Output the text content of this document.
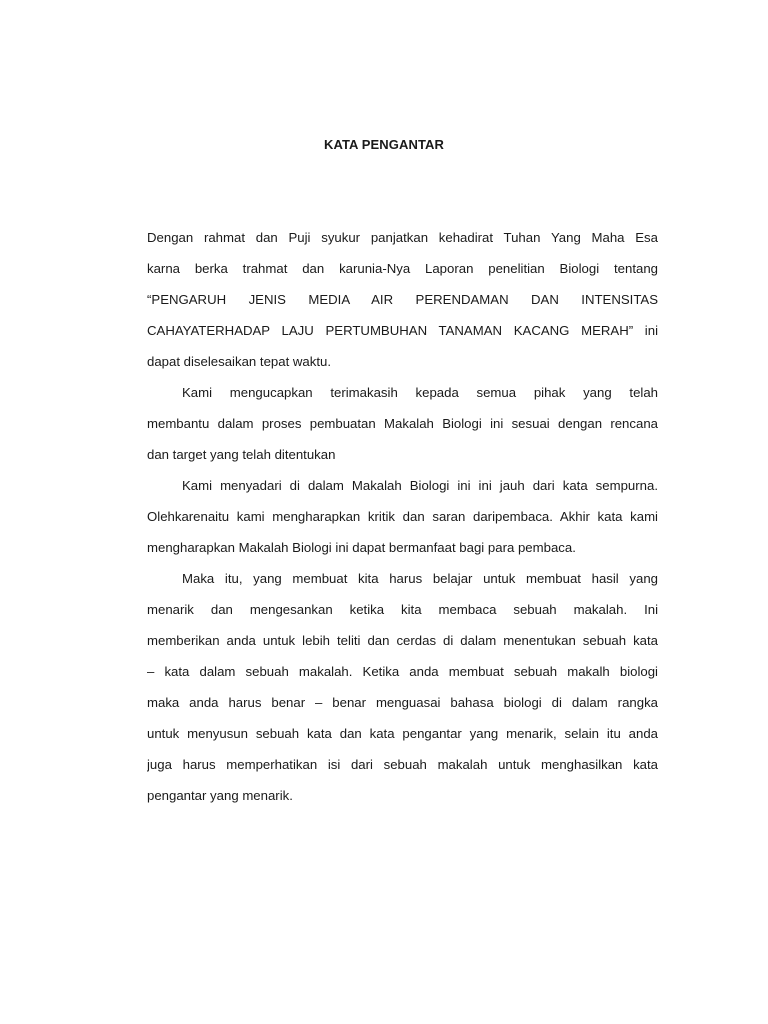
KATA PENGANTAR
Dengan rahmat dan Puji syukur panjatkan kehadirat Tuhan Yang Maha Esa
karna berka trahmat dan karunia-Nya Laporan penelitian Biologi tentang
“PENGARUH JENIS MEDIA AIR PERENDAMAN DAN INTENSITAS
CAHAYATERHADAP LAJU PERTUMBUHAN TANAMAN KACANG MERAH” ini
dapat diselesaikan tepat waktu.
Kami mengucapkan terimakasih kepada semua pihak yang telah
membantu dalam proses pembuatan Makalah Biologi ini sesuai dengan rencana
dan target yang telah ditentukan
Kami menyadari di dalam Makalah Biologi ini ini jauh dari kata sempurna.
Olehkarenaitu kami mengharapkan kritik dan saran daripembaca. Akhir kata kami
mengharapkan Makalah Biologi ini dapat bermanfaat bagi para pembaca.
Maka itu, yang membuat kita harus belajar untuk membuat hasil yang
menarik dan mengesankan ketika kita membaca sebuah makalah. Ini
memberikan anda untuk lebih teliti dan cerdas di dalam menentukan sebuah kata
– kata dalam sebuah makalah. Ketika anda membuat sebuah makalh biologi
maka anda harus benar – benar menguasai bahasa biologi di dalam rangka
untuk menyusun sebuah kata dan kata pengantar yang menarik, selain itu anda
juga harus memperhatikan isi dari sebuah makalah untuk menghasilkan kata
pengantar yang menarik.
